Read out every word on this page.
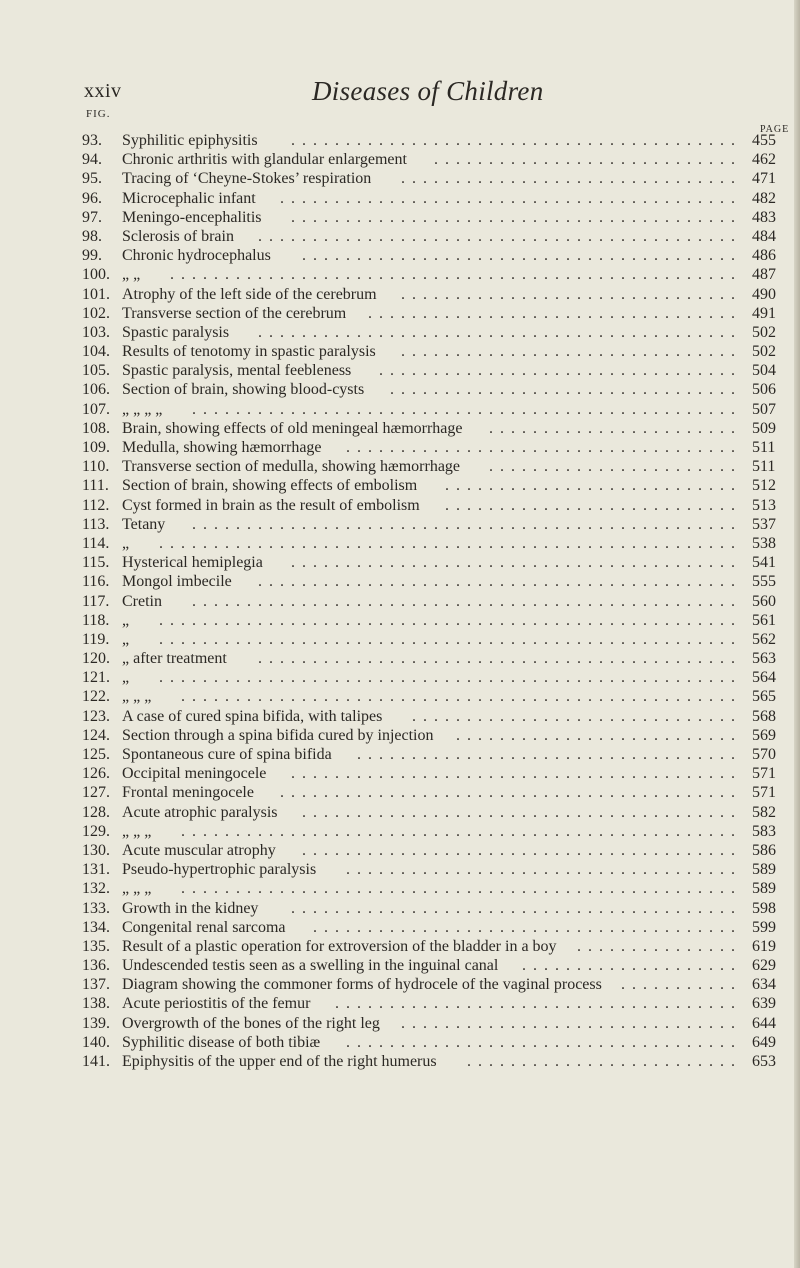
xxiv	Diseases of Children
FIG.
PAGE
93.	Syphilitic epiphysitis	......................................... 455
94.	Chronic arthritis with glandular enlargement	............................ 462
95.	Tracing of ‘Cheyne-Stokes’ respiration	............................... 471
96.	Microcephalic infant	.......................................... 482
97.	Meningo-encephalitis	......................................... 483
98.	Sclerosis of brain	............................................ 484
99.	Chronic hydrocephalus	........................................ 486
100. „ „	.................................................... 487
101. Atrophy of the left side of the cerebrum	............................... 490
102. Transverse section of the cerebrum	.................................. 491
103. Spastic paralysis	............................................ 502
104. Results of tenotomy in spastic paralysis	............................... 502
105. Spastic paralysis, mental feebleness	................................. 504
106. Section of brain, showing blood-cysts	................................ 506
107. „ „ „ „	.................................................. 507
108. Brain, showing effects of old meningeal hæmorrhage	....................... 509
109. Medulla, showing hæmorrhage	.................................... 511
110. Transverse section of medulla, showing hæmorrhage	....................... 511
111. Section of brain, showing effects of embolism	........................... 512
112. Cyst formed in brain as the result of embolism	........................... 513
113. Tetany	.................................................. 537
114. „	..................................................... 538
115. Hysterical hemiplegia	......................................... 541
116. Mongol imbecile	............................................ 555
117. Cretin	.................................................. 560
118. „	..................................................... 561
119. „	..................................................... 562
120. „ after treatment	............................................ 563
121. „	..................................................... 564
122. „ „ „	................................................... 565
123. A case of cured spina bifida, with talipes	.............................. 568
124. Section through a spina bifida cured by injection	.......................... 569
125. Spontaneous cure of spina bifida	................................... 570
126. Occipital meningocele	......................................... 571
127. Frontal meningocele	.......................................... 571
128. Acute atrophic paralysis	........................................ 582
129. „ „ „	................................................... 583
130. Acute muscular atrophy	........................................ 586
131. Pseudo-hypertrophic paralysis	.................................... 589
132. „ „ „	................................................... 589
133. Growth in the kidney	......................................... 598
134. Congenital renal sarcoma	....................................... 599
135. Result of a plastic operation for extroversion of the bladder in a boy	............... 619
136. Undescended testis seen as a swelling in the inguinal canal	.................... 629
137. Diagram showing the commoner forms of hydrocele of the vaginal process	........... 634
138. Acute periostitis of the femur	..................................... 639
139. Overgrowth of the bones of the right leg	............................... 644
140. Syphilitic disease of both tibiæ	.................................... 649
141. Epiphysitis of the upper end of the right humerus	......................... 653
